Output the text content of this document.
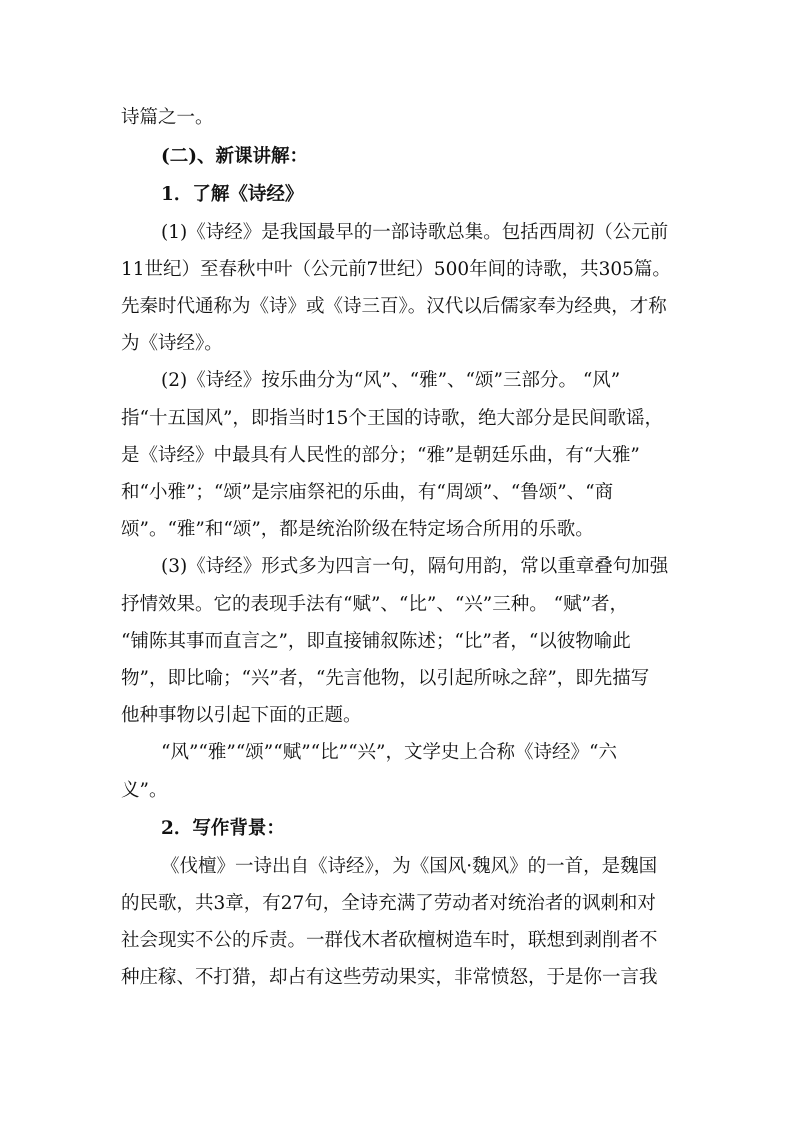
诗篇之一。
(二)、新课讲解：
1．了解《诗经》
(1)《诗经》是我国最早的一部诗歌总集。包括西周初（公元前
11世纪）至春秋中叶（公元前7世纪）500年间的诗歌，共305篇。
先秦时代通称为《诗》或《诗三百》。汉代以后儒家奉为经典，才称
为《诗经》。
(2)《诗经》按乐曲分为“风”、“雅”、“颂”三部分。 “风”
指“十五国风”，即指当时15个王国的诗歌，绝大部分是民间歌谣，
是《诗经》中最具有人民性的部分；“雅”是朝廷乐曲，有“大雅”
和“小雅”；“颂”是宗庙祭祀的乐曲，有“周颂”、“鲁颂”、“商
颂”。“雅”和“颂”，都是统治阶级在特定场合所用的乐歌。
(3)《诗经》形式多为四言一句，隔句用韵，常以重章叠句加强
抒情效果。它的表现手法有“赋”、“比”、“兴”三种。 “赋”者，
“铺陈其事而直言之”，即直接铺叙陈述；“比”者，“以彼物喻此
物”，即比喻；“兴”者，“先言他物，以引起所咏之辞”，即先描写
他种事物以引起下面的正题。
“风”“雅”“颂”“赋”“比”“兴”，文学史上合称《诗经》“六
义”。
2．写作背景：
《伐檀》一诗出自《诗经》，为《国风·魏风》的一首，是魏国
的民歌，共3章，有27句，全诗充满了劳动者对统治者的讽刺和对
社会现实不公的斥责。一群伐木者砍檀树造车时，联想到剥削者不
种庄稼、不打猎，却占有这些劳动果实，非常愤怒，于是你一言我
